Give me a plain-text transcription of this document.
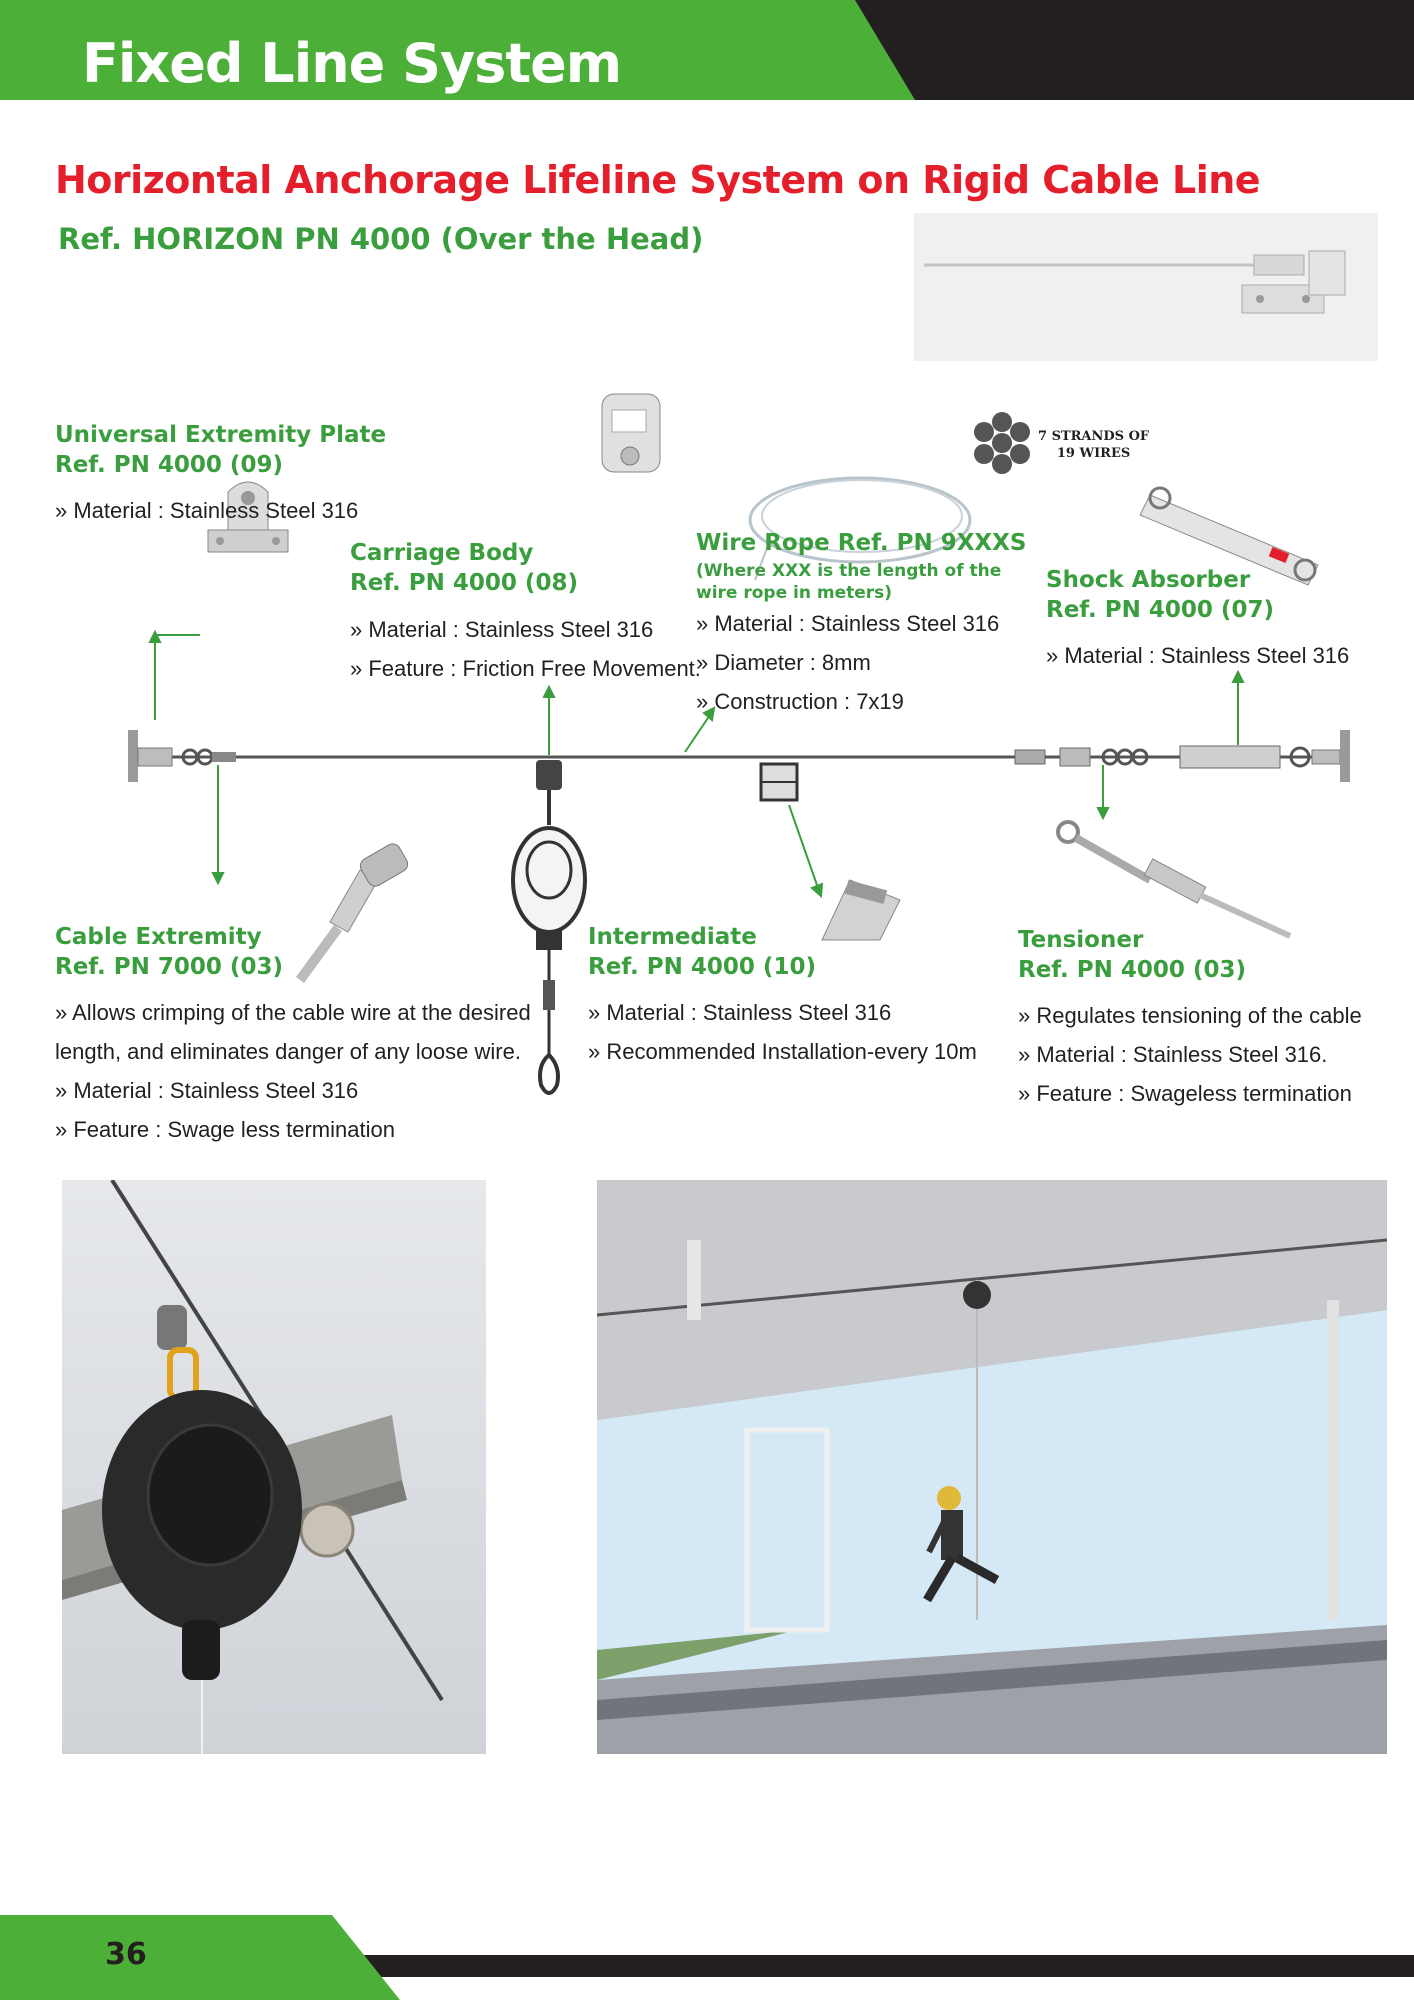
Fixed Line System
Horizontal Anchorage Lifeline System on Rigid Cable Line
Ref. HORIZON PN 4000 (Over the Head)
Universal Extremity Plate
Ref. PN 4000 (09)
» Material : Stainless Steel 316
Carriage Body
Ref. PN 4000 (08)
» Material : Stainless Steel 316
» Feature : Friction Free Movement.
Wire Rope Ref. PN 9XXXS
(Where XXX is the length of the
wire rope in meters)
» Material : Stainless Steel 316
» Diameter : 8mm
» Construction : 7x19
7 STRANDS OF
19 WIRES
Shock Absorber
Ref. PN 4000 (07)
» Material : Stainless Steel 316
Cable Extremity
Ref. PN 7000 (03)
» Allows crimping of the cable wire at the desired
length, and eliminates danger of any loose wire.
» Material : Stainless Steel 316
» Feature : Swage less termination
Intermediate
Ref. PN 4000 (10)
» Material : Stainless Steel 316
» Recommended Installation-every 10m
Tensioner
Ref. PN 4000 (03)
» Regulates tensioning of the cable
» Material : Stainless Steel 316.
» Feature : Swageless termination
36
